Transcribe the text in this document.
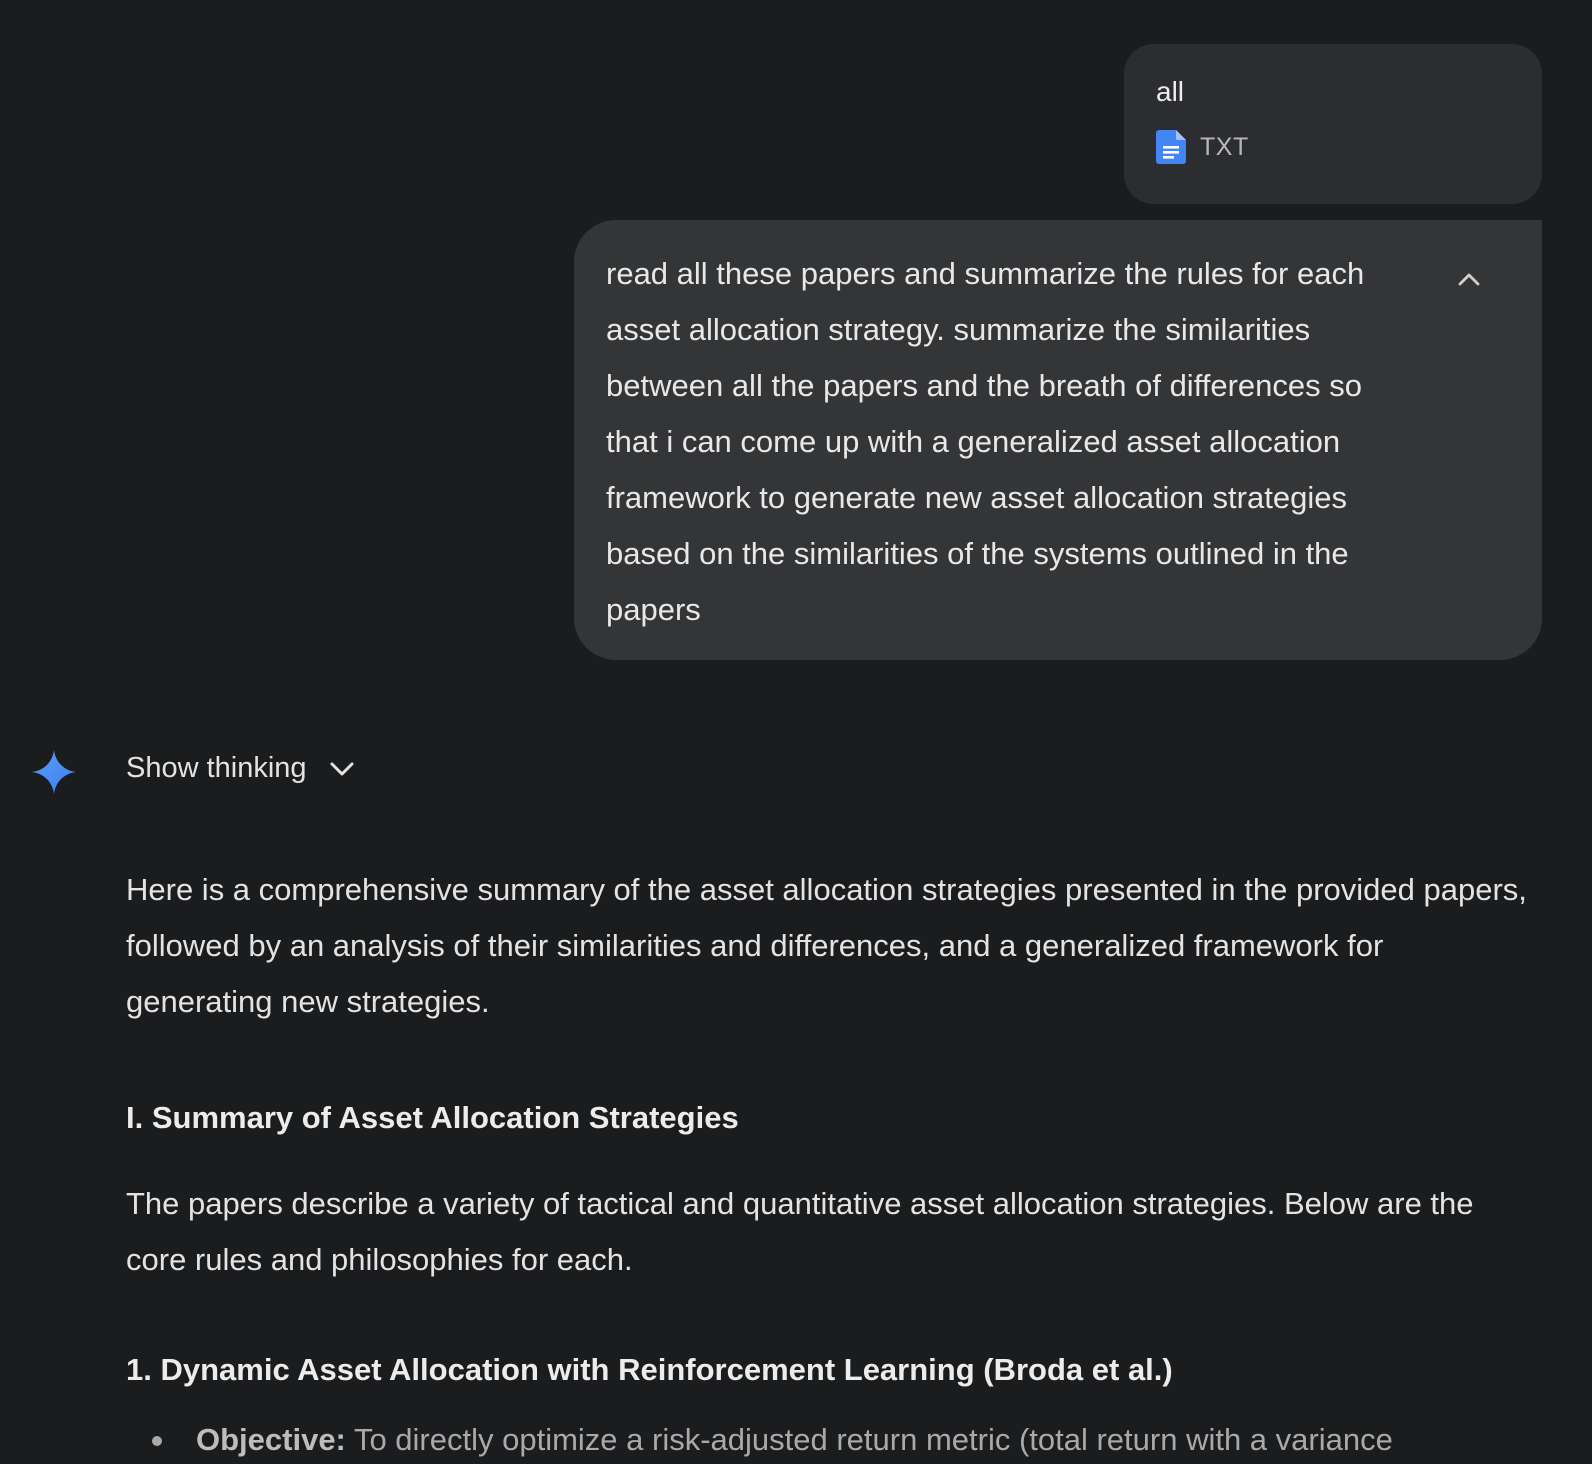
all
TXT

read all these papers and summarize the rules for each asset allocation strategy. summarize the similarities between all the papers and the breath of differences so that i can come up with a generalized asset allocation framework to generate new asset allocation strategies based on the similarities of the systems outlined in the papers

Show thinking

Here is a comprehensive summary of the asset allocation strategies presented in the provided papers, followed by an analysis of their similarities and differences, and a generalized framework for generating new strategies.

I. Summary of Asset Allocation Strategies

The papers describe a variety of tactical and quantitative asset allocation strategies. Below are the core rules and philosophies for each.

1. Dynamic Asset Allocation with Reinforcement Learning (Broda et al.)
Objective: To directly optimize a risk-adjusted return metric (total return with a variance
